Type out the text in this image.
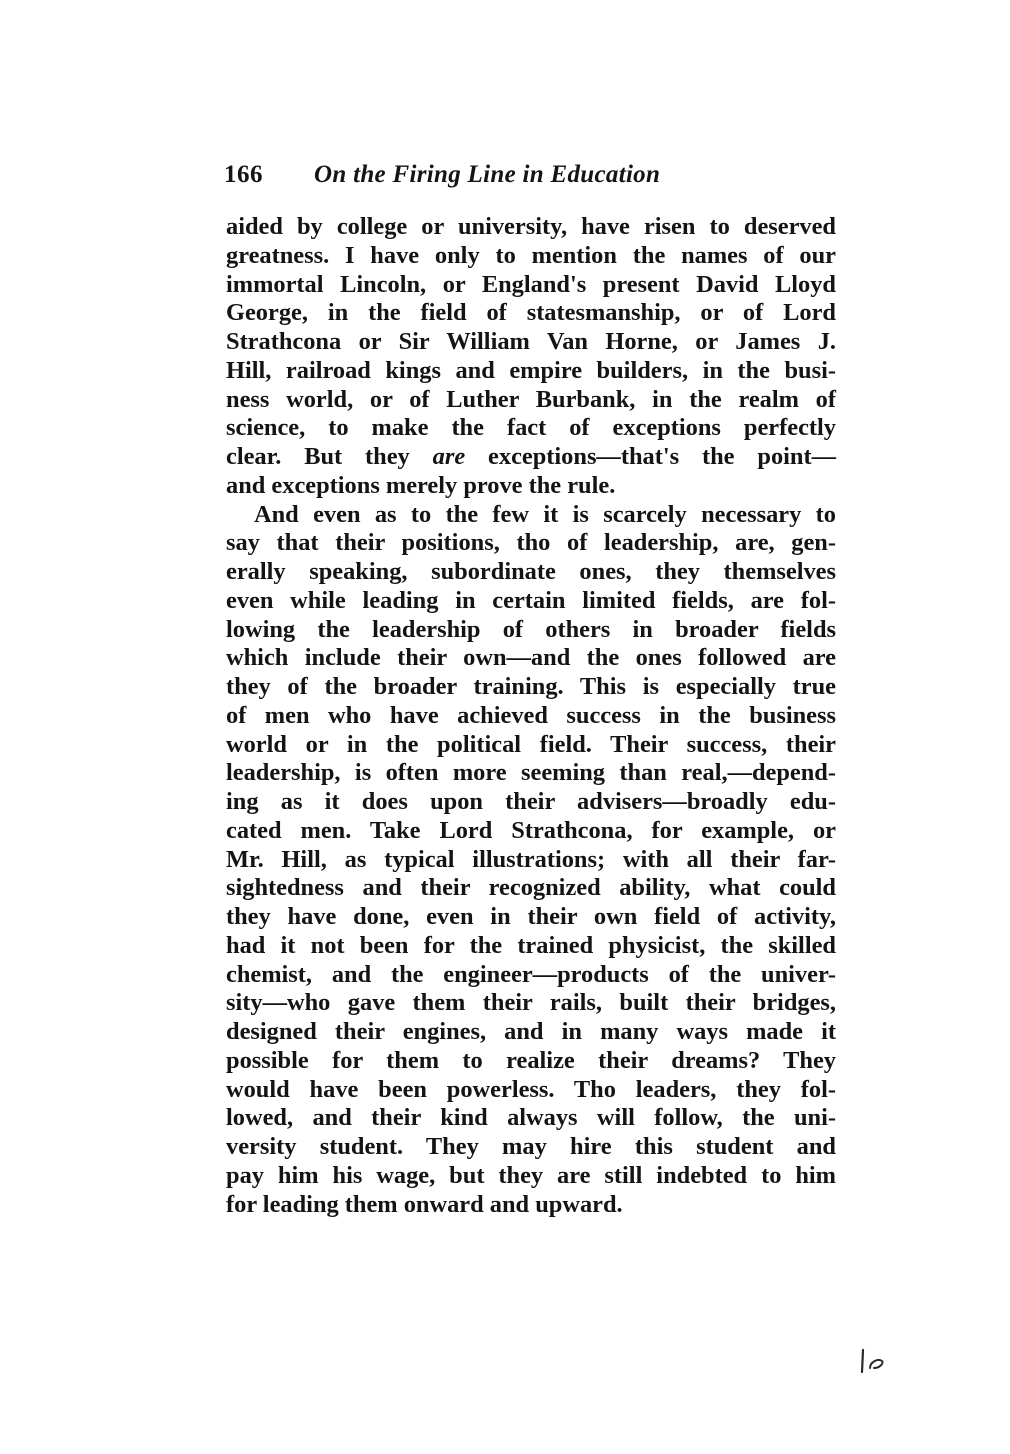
166 On the Firing Line in Education

aided by college or university, have risen to deserved
greatness. I have only to mention the names of our
immortal Lincoln, or England's present David Lloyd
George, in the field of statesmanship, or of Lord
Strathcona or Sir William Van Horne, or James J.
Hill, railroad kings and empire builders, in the busi-
ness world, or of Luther Burbank, in the realm of
science, to make the fact of exceptions perfectly
clear. But they are exceptions—that's the point—
and exceptions merely prove the rule.

And even as to the few it is scarcely necessary to
say that their positions, tho of leadership, are, gen-
erally speaking, subordinate ones, they themselves
even while leading in certain limited fields, are fol-
lowing the leadership of others in broader fields
which include their own—and the ones followed are
they of the broader training. This is especially true
of men who have achieved success in the business
world or in the political field. Their success, their
leadership, is often more seeming than real,—depend-
ing as it does upon their advisers—broadly edu-
cated men. Take Lord Strathcona, for example, or
Mr. Hill, as typical illustrations; with all their far-
sightedness and their recognized ability, what could
they have done, even in their own field of activity,
had it not been for the trained physicist, the skilled
chemist, and the engineer—products of the univer-
sity—who gave them their rails, built their bridges,
designed their engines, and in many ways made it
possible for them to realize their dreams? They
would have been powerless. Tho leaders, they fol-
lowed, and their kind always will follow, the uni-
versity student. They may hire this student and
pay him his wage, but they are still indebted to him
for leading them onward and upward.
